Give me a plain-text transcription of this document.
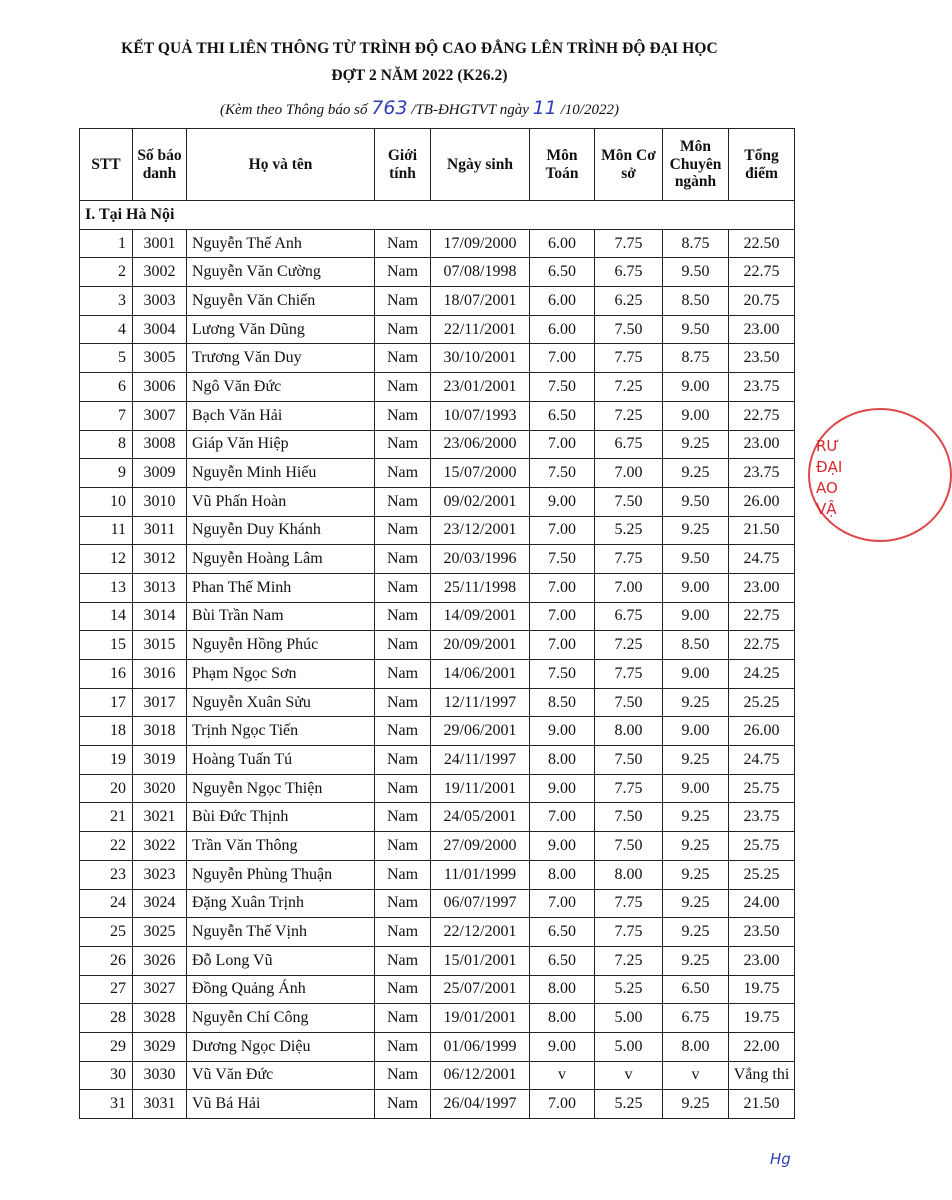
KẾT QUẢ THI LIÊN THÔNG TỪ TRÌNH ĐỘ CAO ĐẲNG LÊN TRÌNH ĐỘ ĐẠI HỌC
ĐỢT 2 NĂM 2022 (K26.2)
(Kèm theo Thông báo số 763 /TB-ĐHGTVT ngày 11 /10/2022)
STT	Số báo danh	Họ và tên	Giới tính	Ngày sinh	Môn Toán	Môn Cơ sở	Môn Chuyên ngành	Tổng điểm
I. Tại Hà Nội								
1	3001	Nguyễn Thế Anh	Nam	17/09/2000	6.00	7.75	8.75	22.50
2	3002	Nguyễn Văn Cường	Nam	07/08/1998	6.50	6.75	9.50	22.75
3	3003	Nguyễn Văn Chiến	Nam	18/07/2001	6.00	6.25	8.50	20.75
4	3004	Lương Văn Dũng	Nam	22/11/2001	6.00	7.50	9.50	23.00
5	3005	Trương Văn Duy	Nam	30/10/2001	7.00	7.75	8.75	23.50
6	3006	Ngô Văn Đức	Nam	23/01/2001	7.50	7.25	9.00	23.75
7	3007	Bạch Văn Hải	Nam	10/07/1993	6.50	7.25	9.00	22.75
8	3008	Giáp Văn Hiệp	Nam	23/06/2000	7.00	6.75	9.25	23.00
9	3009	Nguyễn Minh Hiếu	Nam	15/07/2000	7.50	7.00	9.25	23.75
10	3010	Vũ Phấn Hoàn	Nam	09/02/2001	9.00	7.50	9.50	26.00
11	3011	Nguyễn Duy Khánh	Nam	23/12/2001	7.00	5.25	9.25	21.50
12	3012	Nguyễn Hoàng Lâm	Nam	20/03/1996	7.50	7.75	9.50	24.75
13	3013	Phan Thế Minh	Nam	25/11/1998	7.00	7.00	9.00	23.00
14	3014	Bùi Trần Nam	Nam	14/09/2001	7.00	6.75	9.00	22.75
15	3015	Nguyễn Hồng Phúc	Nam	20/09/2001	7.00	7.25	8.50	22.75
16	3016	Phạm Ngọc Sơn	Nam	14/06/2001	7.50	7.75	9.00	24.25
17	3017	Nguyễn Xuân Sửu	Nam	12/11/1997	8.50	7.50	9.25	25.25
18	3018	Trịnh Ngọc Tiến	Nam	29/06/2001	9.00	8.00	9.00	26.00
19	3019	Hoàng Tuấn Tú	Nam	24/11/1997	8.00	7.50	9.25	24.75
20	3020	Nguyễn Ngọc Thiện	Nam	19/11/2001	9.00	7.75	9.00	25.75
21	3021	Bùi Đức Thịnh	Nam	24/05/2001	7.00	7.50	9.25	23.75
22	3022	Trần Văn Thông	Nam	27/09/2000	9.00	7.50	9.25	25.75
23	3023	Nguyễn Phùng Thuận	Nam	11/01/1999	8.00	8.00	9.25	25.25
24	3024	Đặng Xuân Trịnh	Nam	06/07/1997	7.00	7.75	9.25	24.00
25	3025	Nguyễn Thế Vịnh	Nam	22/12/2001	6.50	7.75	9.25	23.50
26	3026	Đỗ Long Vũ	Nam	15/01/2001	6.50	7.25	9.25	23.00
27	3027	Đồng Quảng Ánh	Nam	25/07/2001	8.00	5.25	6.50	19.75
28	3028	Nguyễn Chí Công	Nam	19/01/2001	8.00	5.00	6.75	19.75
29	3029	Dương Ngọc Diệu	Nam	01/06/1999	9.00	5.00	8.00	22.00
30	3030	Vũ Văn Đức	Nam	06/12/2001	v	v	v	Vắng thi
31	3031	Vũ Bá Hải	Nam	26/04/1997	7.00	5.25	9.25	21.50
RƯ
ĐẠI
AO
VẬ
Hg
